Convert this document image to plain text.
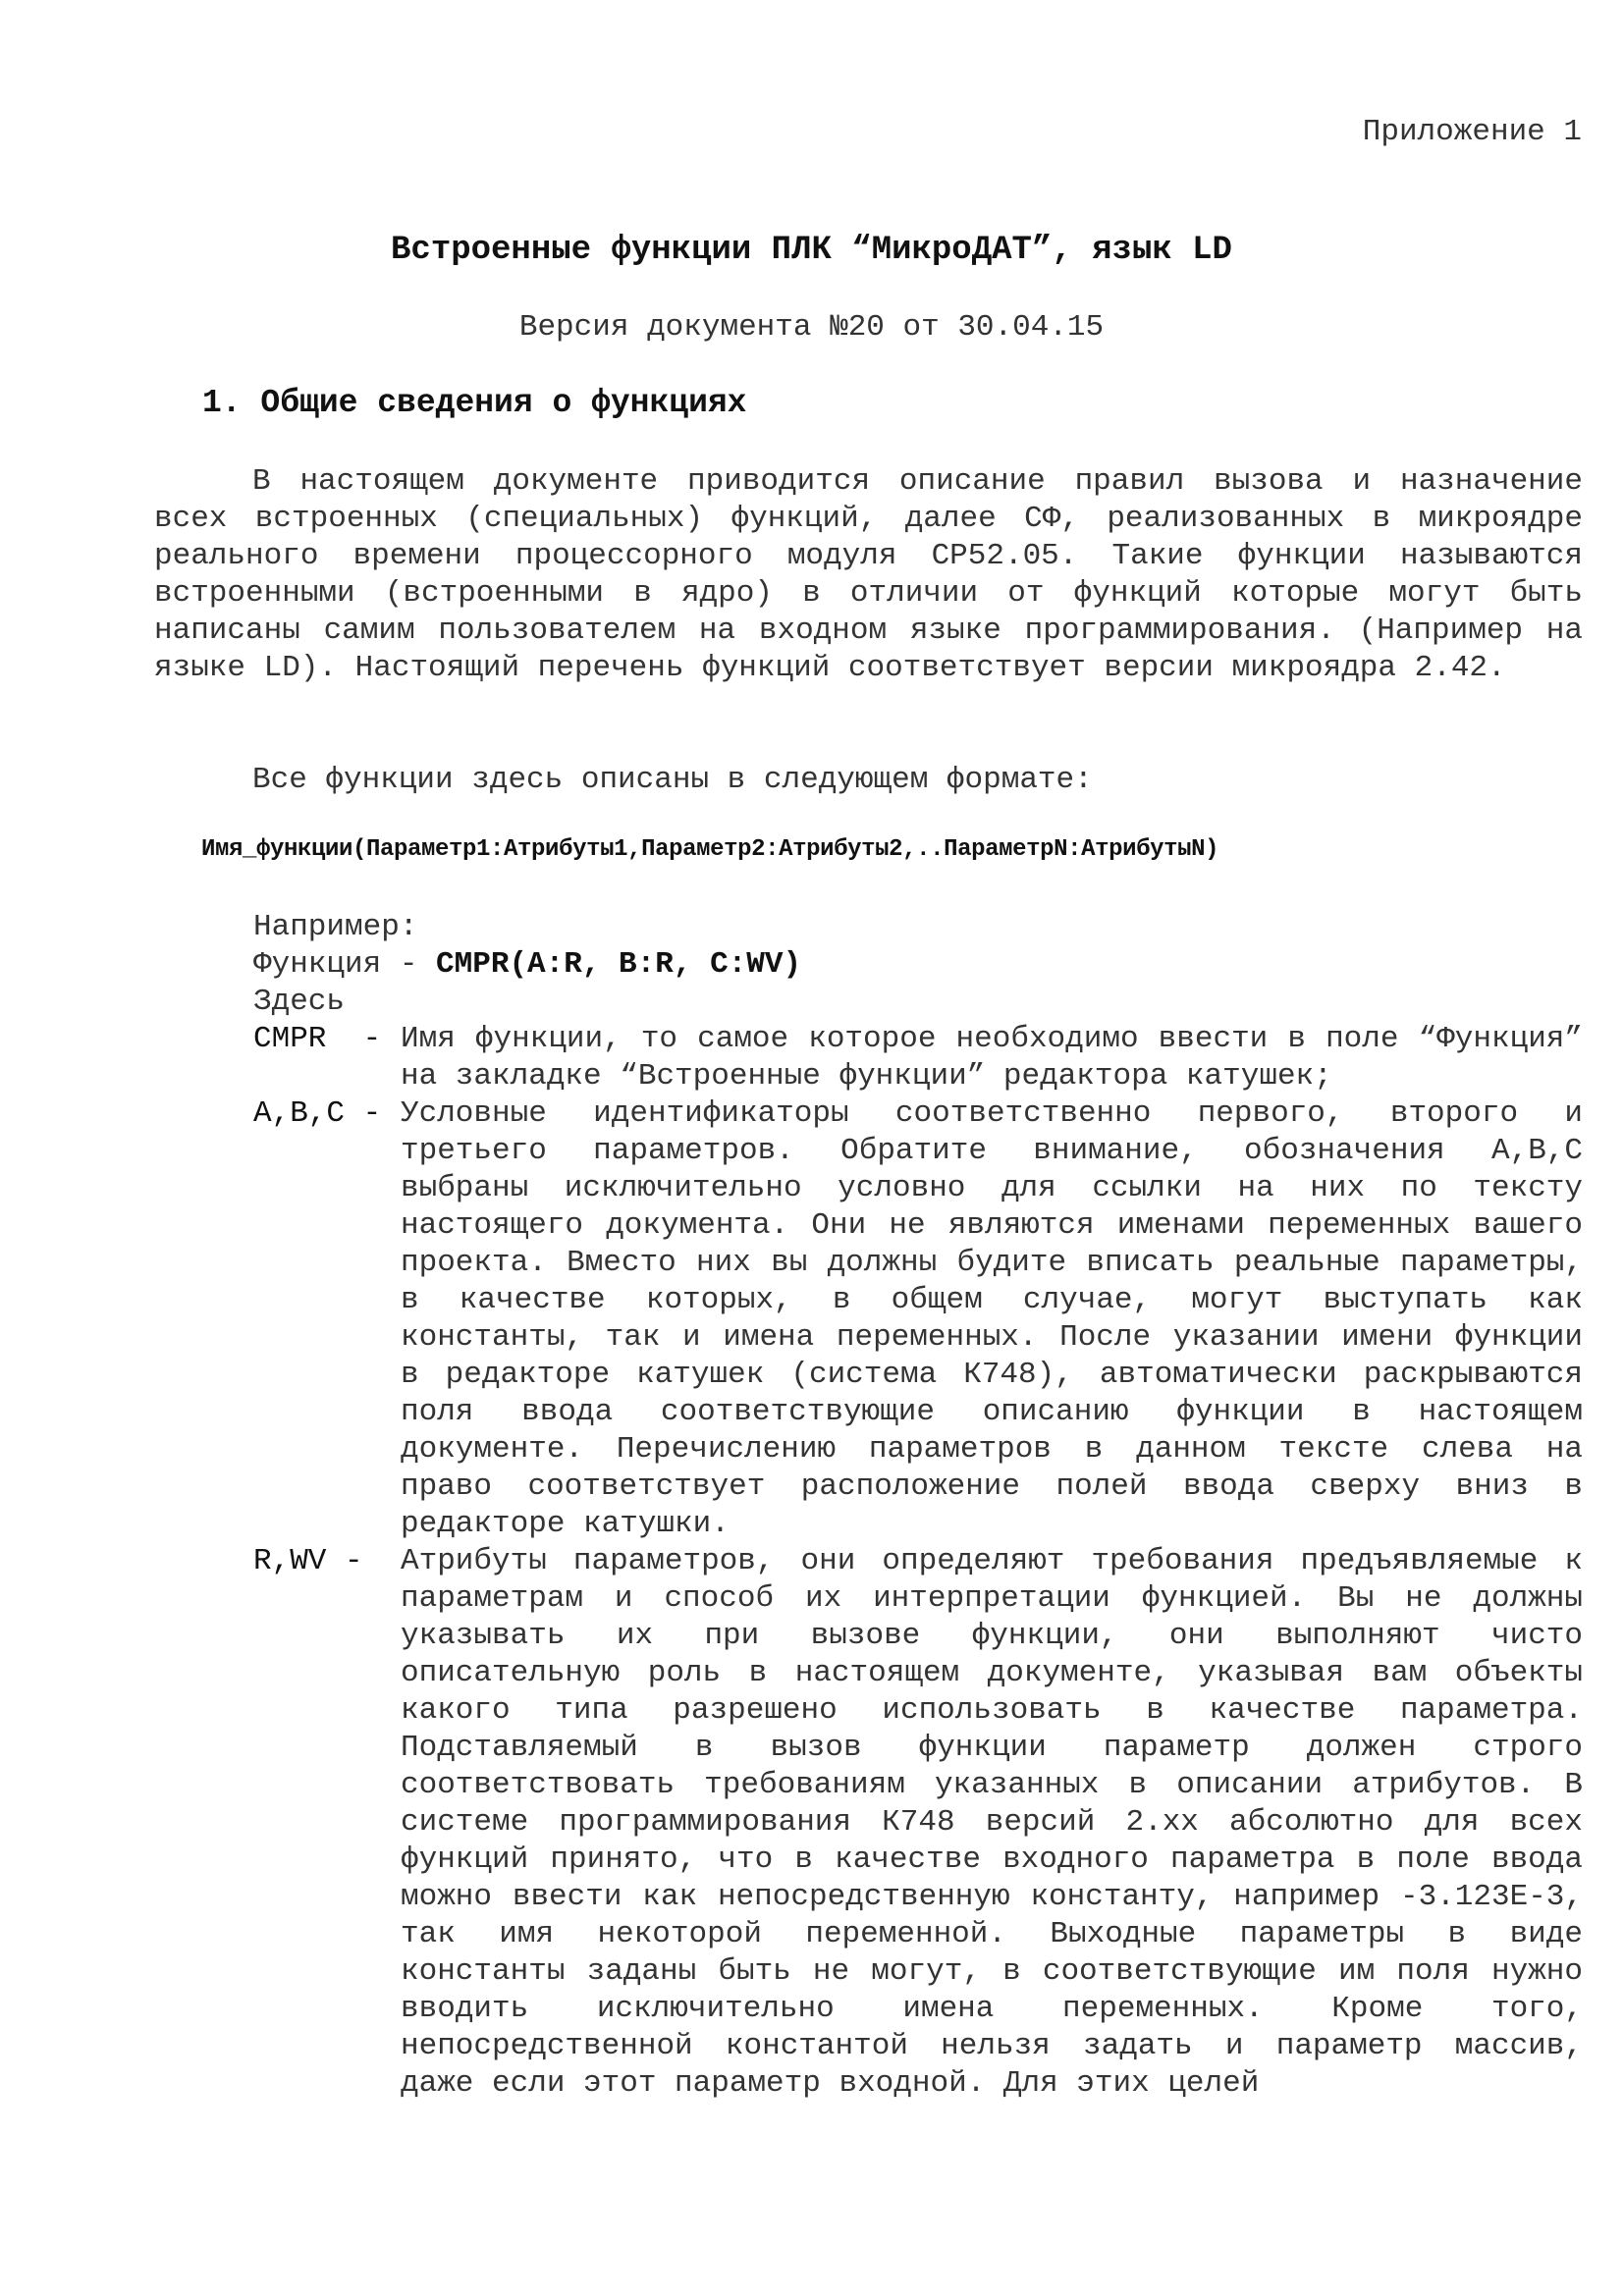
Приложение 1
Встроенные функции ПЛК “МикроДАТ”, язык LD
Версия документа №20 от 30.04.15
1. Общие сведения о функциях
В настоящем документе приводится описание правил вызова и назначение всех встроенных (специальных) функций, далее СФ, реализованных в микроядре реального времени процессорного модуля СР52.05. Такие функции называются встроенными (встроенными в ядро) в отличии от функций которые могут быть написаны самим пользователем на входном языке программирования. (Например на языке LD). Настоящий перечень функций соответствует версии микроядра 2.42.
Все функции здесь описаны в следующем формате:
Имя_функции(Параметр1:Атрибуты1,Параметр2:Атрибуты2,..ПараметрN:АтрибутыN)
Например:
Функция - CMPR(A:R, B:R, C:WV)
Здесь
CMPR  - Имя функции, то самое которое необходимо ввести в поле “Функция” на закладке “Встроенные функции” редактора катушек;
A,B,C - Условные идентификаторы соответственно первого, второго и третьего параметров. Обратите внимание, обозначения A,B,C выбраны исключительно условно для ссылки на них по тексту настоящего документа. Они не являются именами переменных вашего проекта. Вместо них вы должны будите вписать реальные параметры, в качестве которых, в общем случае, могут выступать как константы, так и имена переменных. После указании имени функции в редакторе катушек (система К748), автоматически раскрываются поля ввода соответствующие описанию функции в настоящем документе. Перечислению параметров в данном тексте слева на право соответствует расположение полей ввода сверху вниз в редакторе катушки.
R,WV - Атрибуты параметров, они определяют требования предъявляемые к параметрам и способ их интерпретации функцией. Вы не должны указывать их при вызове функции, они выполняют чисто описательную роль в настоящем документе, указывая вам объекты какого типа разрешено использовать в качестве параметра. Подставляемый в вызов функции параметр должен строго соответствовать требованиям указанных в описании атрибутов. В системе программирования К748 версий 2.xx абсолютно для всех функций принято, что в качестве входного параметра в поле ввода можно ввести как непосредственную константу, например -3.123E-3, так имя некоторой переменной. Выходные параметры в виде константы заданы быть не могут, в соответствующие им поля нужно вводить исключительно имена переменных. Кроме того, непосредственной константой нельзя задать и параметр массив, даже если этот параметр входной. Для этих целей
